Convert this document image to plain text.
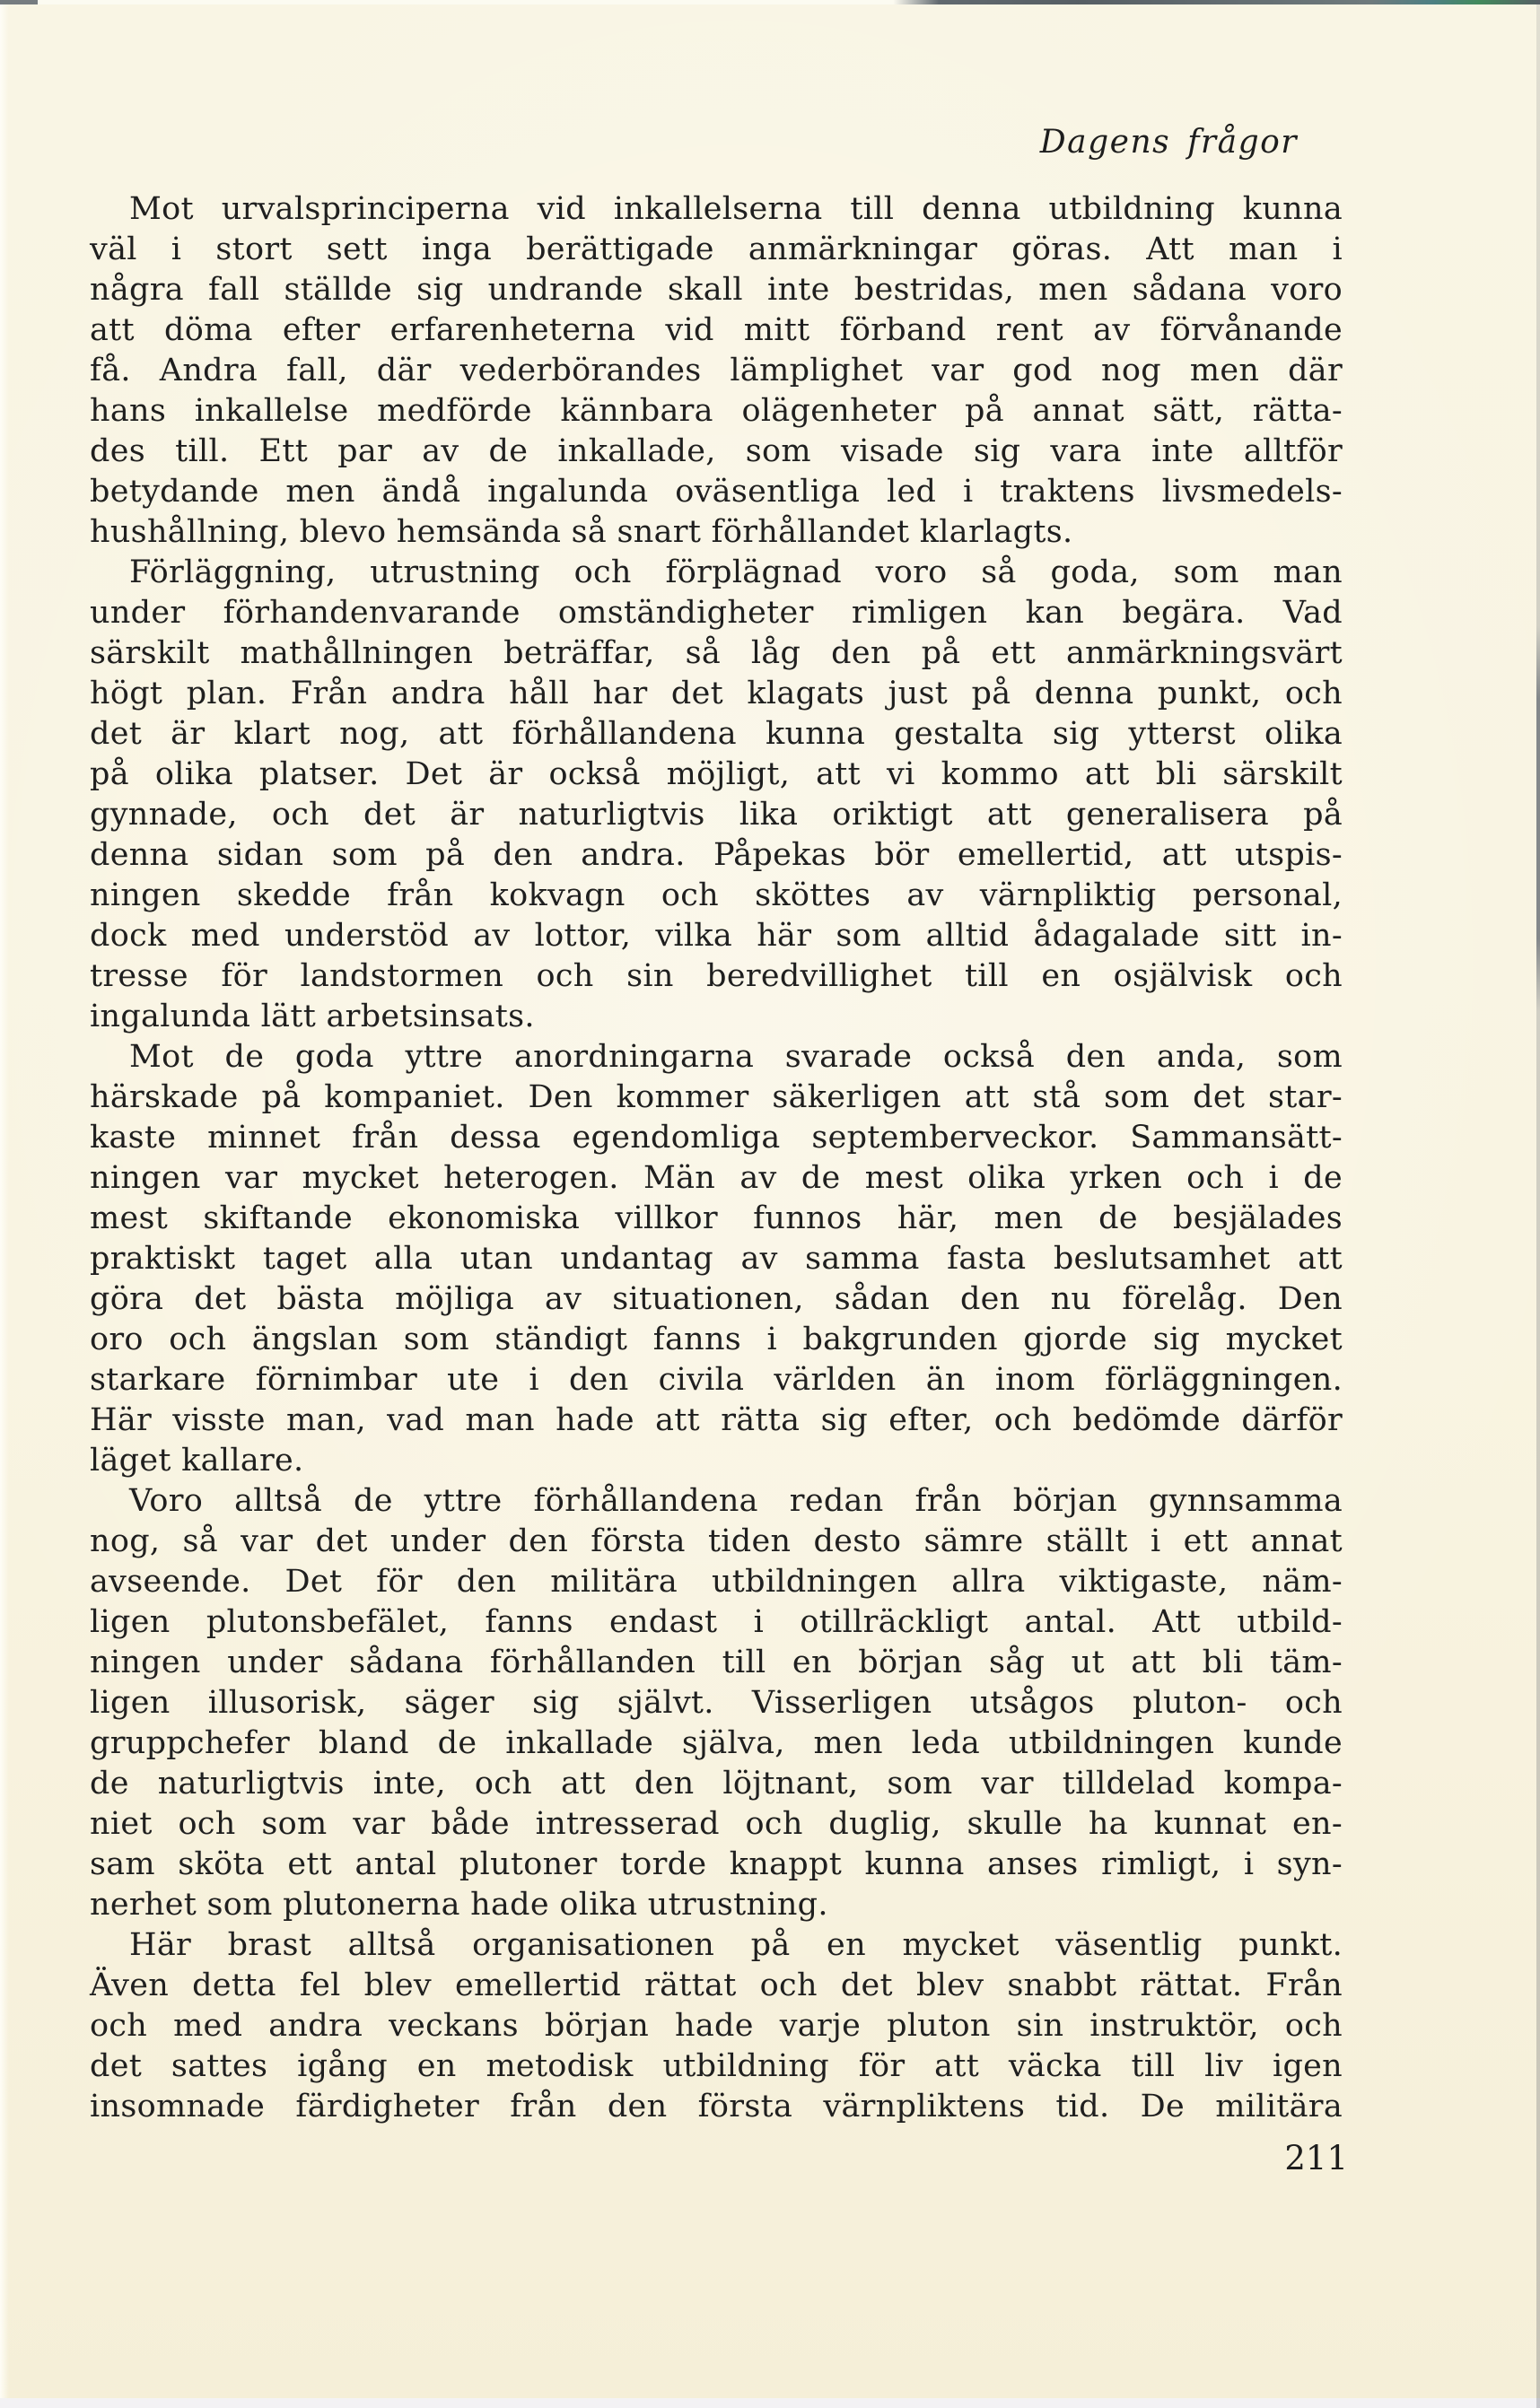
Dagens frågor
Mot urvalsprinciperna vid inkallelserna till denna utbildning kunna
väl i stort sett inga berättigade anmärkningar göras. Att man i
några fall ställde sig undrande skall inte bestridas, men sådana voro
att döma efter erfarenheterna vid mitt förband rent av förvånande
få. Andra fall, där vederbörandes lämplighet var god nog men där
hans inkallelse medförde kännbara olägenheter på annat sätt, rätta-
des till. Ett par av de inkallade, som visade sig vara inte alltför
betydande men ändå ingalunda oväsentliga led i traktens livsmedels-
hushållning, blevo hemsända så snart förhållandet klarlagts.
Förläggning, utrustning och förplägnad voro så goda, som man
under förhandenvarande omständigheter rimligen kan begära. Vad
särskilt mathållningen beträffar, så låg den på ett anmärkningsvärt
högt plan. Från andra håll har det klagats just på denna punkt, och
det är klart nog, att förhållandena kunna gestalta sig ytterst olika
på olika platser. Det är också möjligt, att vi kommo att bli särskilt
gynnade, och det är naturligtvis lika oriktigt att generalisera på
denna sidan som på den andra. Påpekas bör emellertid, att utspis-
ningen skedde från kokvagn och sköttes av värnpliktig personal,
dock med understöd av lottor, vilka här som alltid ådagalade sitt in-
tresse för landstormen och sin beredvillighet till en osjälvisk och
ingalunda lätt arbetsinsats.
Mot de goda yttre anordningarna svarade också den anda, som
härskade på kompaniet. Den kommer säkerligen att stå som det star-
kaste minnet från dessa egendomliga septemberveckor. Sammansätt-
ningen var mycket heterogen. Män av de mest olika yrken och i de
mest skiftande ekonomiska villkor funnos här, men de besjälades
praktiskt taget alla utan undantag av samma fasta beslutsamhet att
göra det bästa möjliga av situationen, sådan den nu förelåg. Den
oro och ängslan som ständigt fanns i bakgrunden gjorde sig mycket
starkare förnimbar ute i den civila världen än inom förläggningen.
Här visste man, vad man hade att rätta sig efter, och bedömde därför
läget kallare.
Voro alltså de yttre förhållandena redan från början gynnsamma
nog, så var det under den första tiden desto sämre ställt i ett annat
avseende. Det för den militära utbildningen allra viktigaste, näm-
ligen plutonsbefälet, fanns endast i otillräckligt antal. Att utbild-
ningen under sådana förhållanden till en början såg ut att bli täm-
ligen illusorisk, säger sig självt. Visserligen utsågos pluton- och
gruppchefer bland de inkallade själva, men leda utbildningen kunde
de naturligtvis inte, och att den löjtnant, som var tilldelad kompa-
niet och som var både intresserad och duglig, skulle ha kunnat en-
sam sköta ett antal plutoner torde knappt kunna anses rimligt, i syn-
nerhet som plutonerna hade olika utrustning.
Här brast alltså organisationen på en mycket väsentlig punkt.
Även detta fel blev emellertid rättat och det blev snabbt rättat. Från
och med andra veckans början hade varje pluton sin instruktör, och
det sattes igång en metodisk utbildning för att väcka till liv igen
insomnade färdigheter från den första värnpliktens tid. De militära
211
